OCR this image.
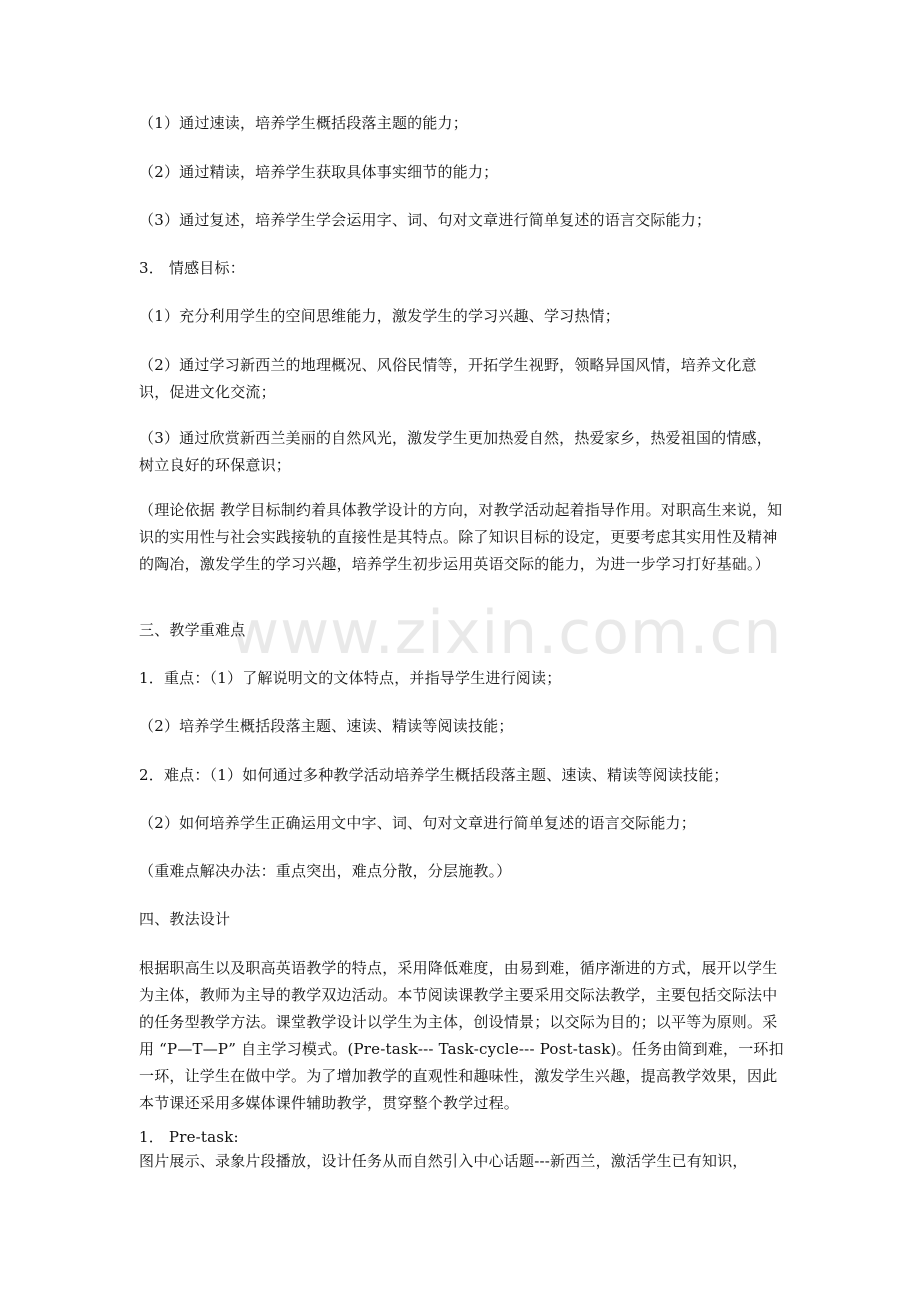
www.zixin.com.cn

（1）通过速读，培养学生概括段落主题的能力；

（2）通过精读，培养学生获取具体事实细节的能力；

（3）通过复述，培养学生学会运用字、词、句对文章进行简单复述的语言交际能力；

3． 情感目标：

（1）充分利用学生的空间思维能力，激发学生的学习兴趣、学习热情；

（2）通过学习新西兰的地理概况、风俗民情等，开拓学生视野，领略异国风情，培养文化意识，促进文化交流；

（3）通过欣赏新西兰美丽的自然风光，激发学生更加热爱自然，热爱家乡，热爱祖国的情感，树立良好的环保意识；

（理论依据 教学目标制约着具体教学设计的方向，对教学活动起着指导作用。对职高生来说，知识的实用性与社会实践接轨的直接性是其特点。除了知识目标的设定，更要考虑其实用性及精神的陶冶，激发学生的学习兴趣，培养学生初步运用英语交际的能力，为进一步学习打好基础。）

三、教学重难点

1．重点：（1）了解说明文的文体特点，并指导学生进行阅读；

（2）培养学生概括段落主题、速读、精读等阅读技能；

2．难点：（1）如何通过多种教学活动培养学生概括段落主题、速读、精读等阅读技能；

（2）如何培养学生正确运用文中字、词、句对文章进行简单复述的语言交际能力；

（重难点解决办法：重点突出，难点分散，分层施教。）

四、教法设计

根据职高生以及职高英语教学的特点，采用降低难度，由易到难，循序渐进的方式，展开以学生为主体，教师为主导的教学双边活动。本节阅读课教学主要采用交际法教学，主要包括交际法中的任务型教学方法。课堂教学设计以学生为主体，创设情景；以交际为目的；以平等为原则。采用 “P—T—P” 自主学习模式。(Pre-task--- Task-cycle--- Post-task)。任务由简到难，一环扣一环，让学生在做中学。为了增加教学的直观性和趣味性，激发学生兴趣，提高教学效果，因此本节课还采用多媒体课件辅助教学，贯穿整个教学过程。

1． Pre-task:

图片展示、录象片段播放，设计任务从而自然引入中心话题---新西兰，激活学生已有知识，
